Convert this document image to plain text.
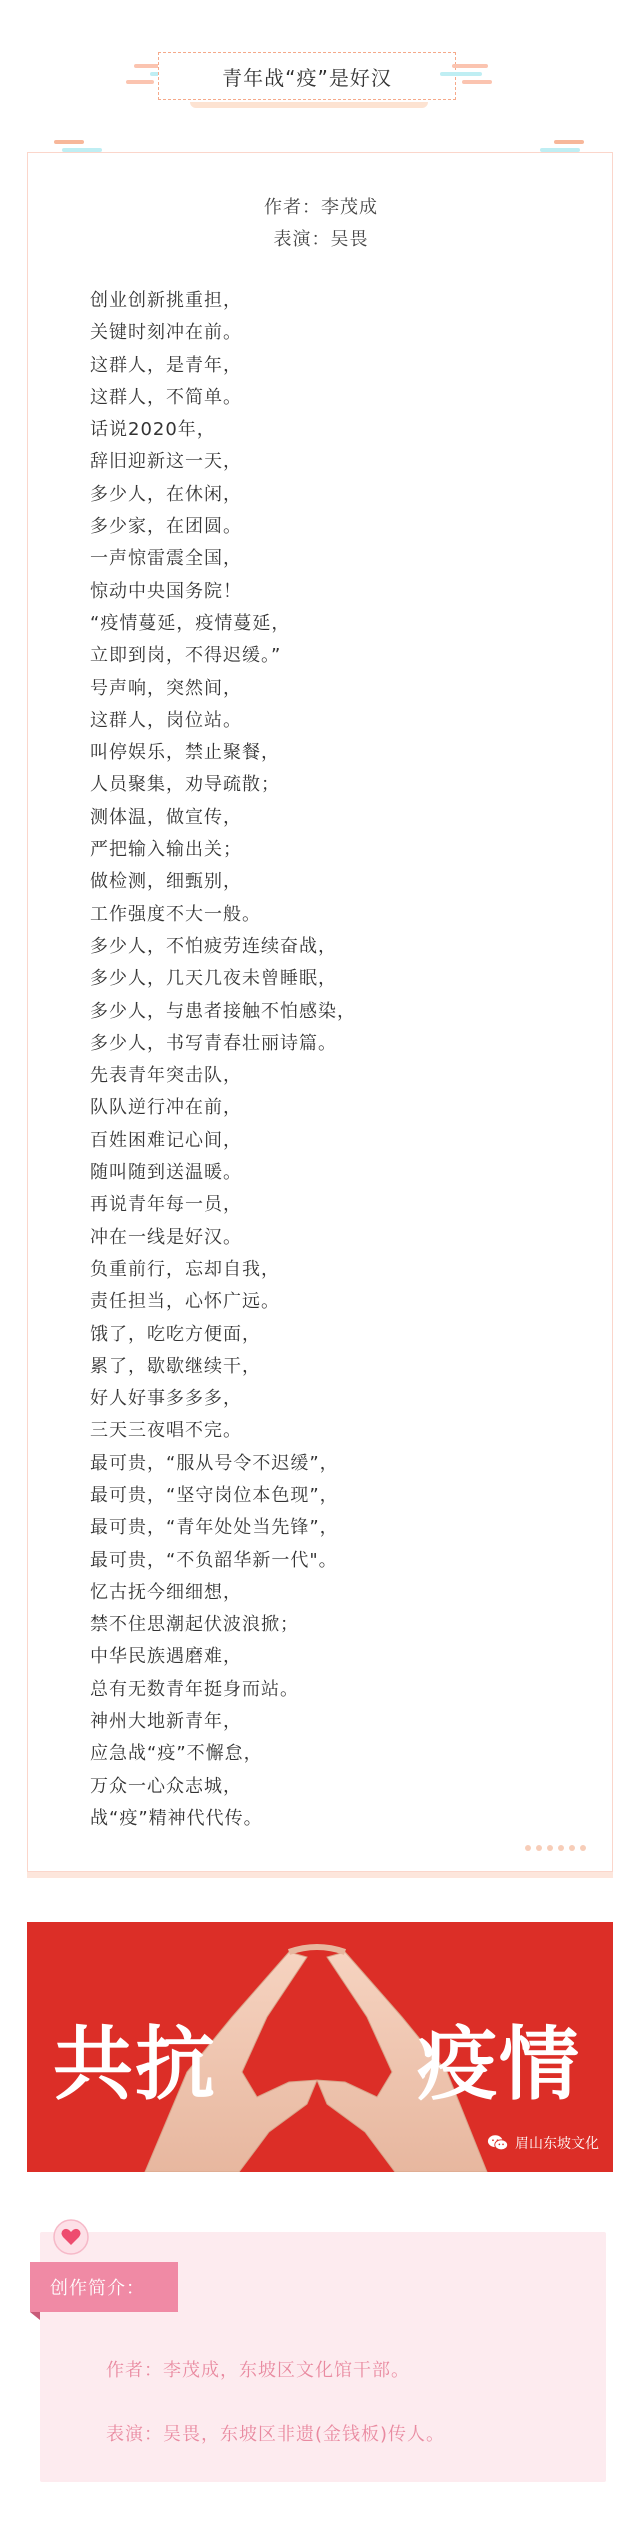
青年战“疫”是好汉
作者：李茂成
表演：吴畏
创业创新挑重担，
关键时刻冲在前。
这群人，是青年，
这群人，不简单。
话说2020年，
辞旧迎新这一天，
多少人，在休闲，
多少家，在团圆。
一声惊雷震全国，
惊动中央国务院！
“疫情蔓延，疫情蔓延，
立即到岗，不得迟缓。”
号声响，突然间，
这群人，岗位站。
叫停娱乐，禁止聚餐，
人员聚集，劝导疏散；
测体温，做宣传，
严把输入输出关；
做检测，细甄别，
工作强度不大一般。
多少人，不怕疲劳连续奋战，
多少人，几天几夜未曾睡眠，
多少人，与患者接触不怕感染，
多少人，书写青春壮丽诗篇。
先表青年突击队，
队队逆行冲在前，
百姓困难记心间，
随叫随到送温暖。
再说青年每一员，
冲在一线是好汉。
负重前行，忘却自我，
责任担当，心怀广远。
饿了，吃吃方便面，
累了，歇歇继续干，
好人好事多多多，
三天三夜唱不完。
最可贵，“服从号令不迟缓”，
最可贵，“坚守岗位本色现”，
最可贵，“青年处处当先锋”，
最可贵，“不负韶华新一代"。
忆古抚今细细想，
禁不住思潮起伏波浪掀；
中华民族遇磨难，
总有无数青年挺身而站。
神州大地新青年，
应急战“疫”不懈怠，
万众一心众志城，
战“疫”精神代代传。
共抗	疫情
眉山东坡文化
创作简介：
作者：李茂成，东坡区文化馆干部。
表演：吴畏，东坡区非遗(金钱板)传人。
